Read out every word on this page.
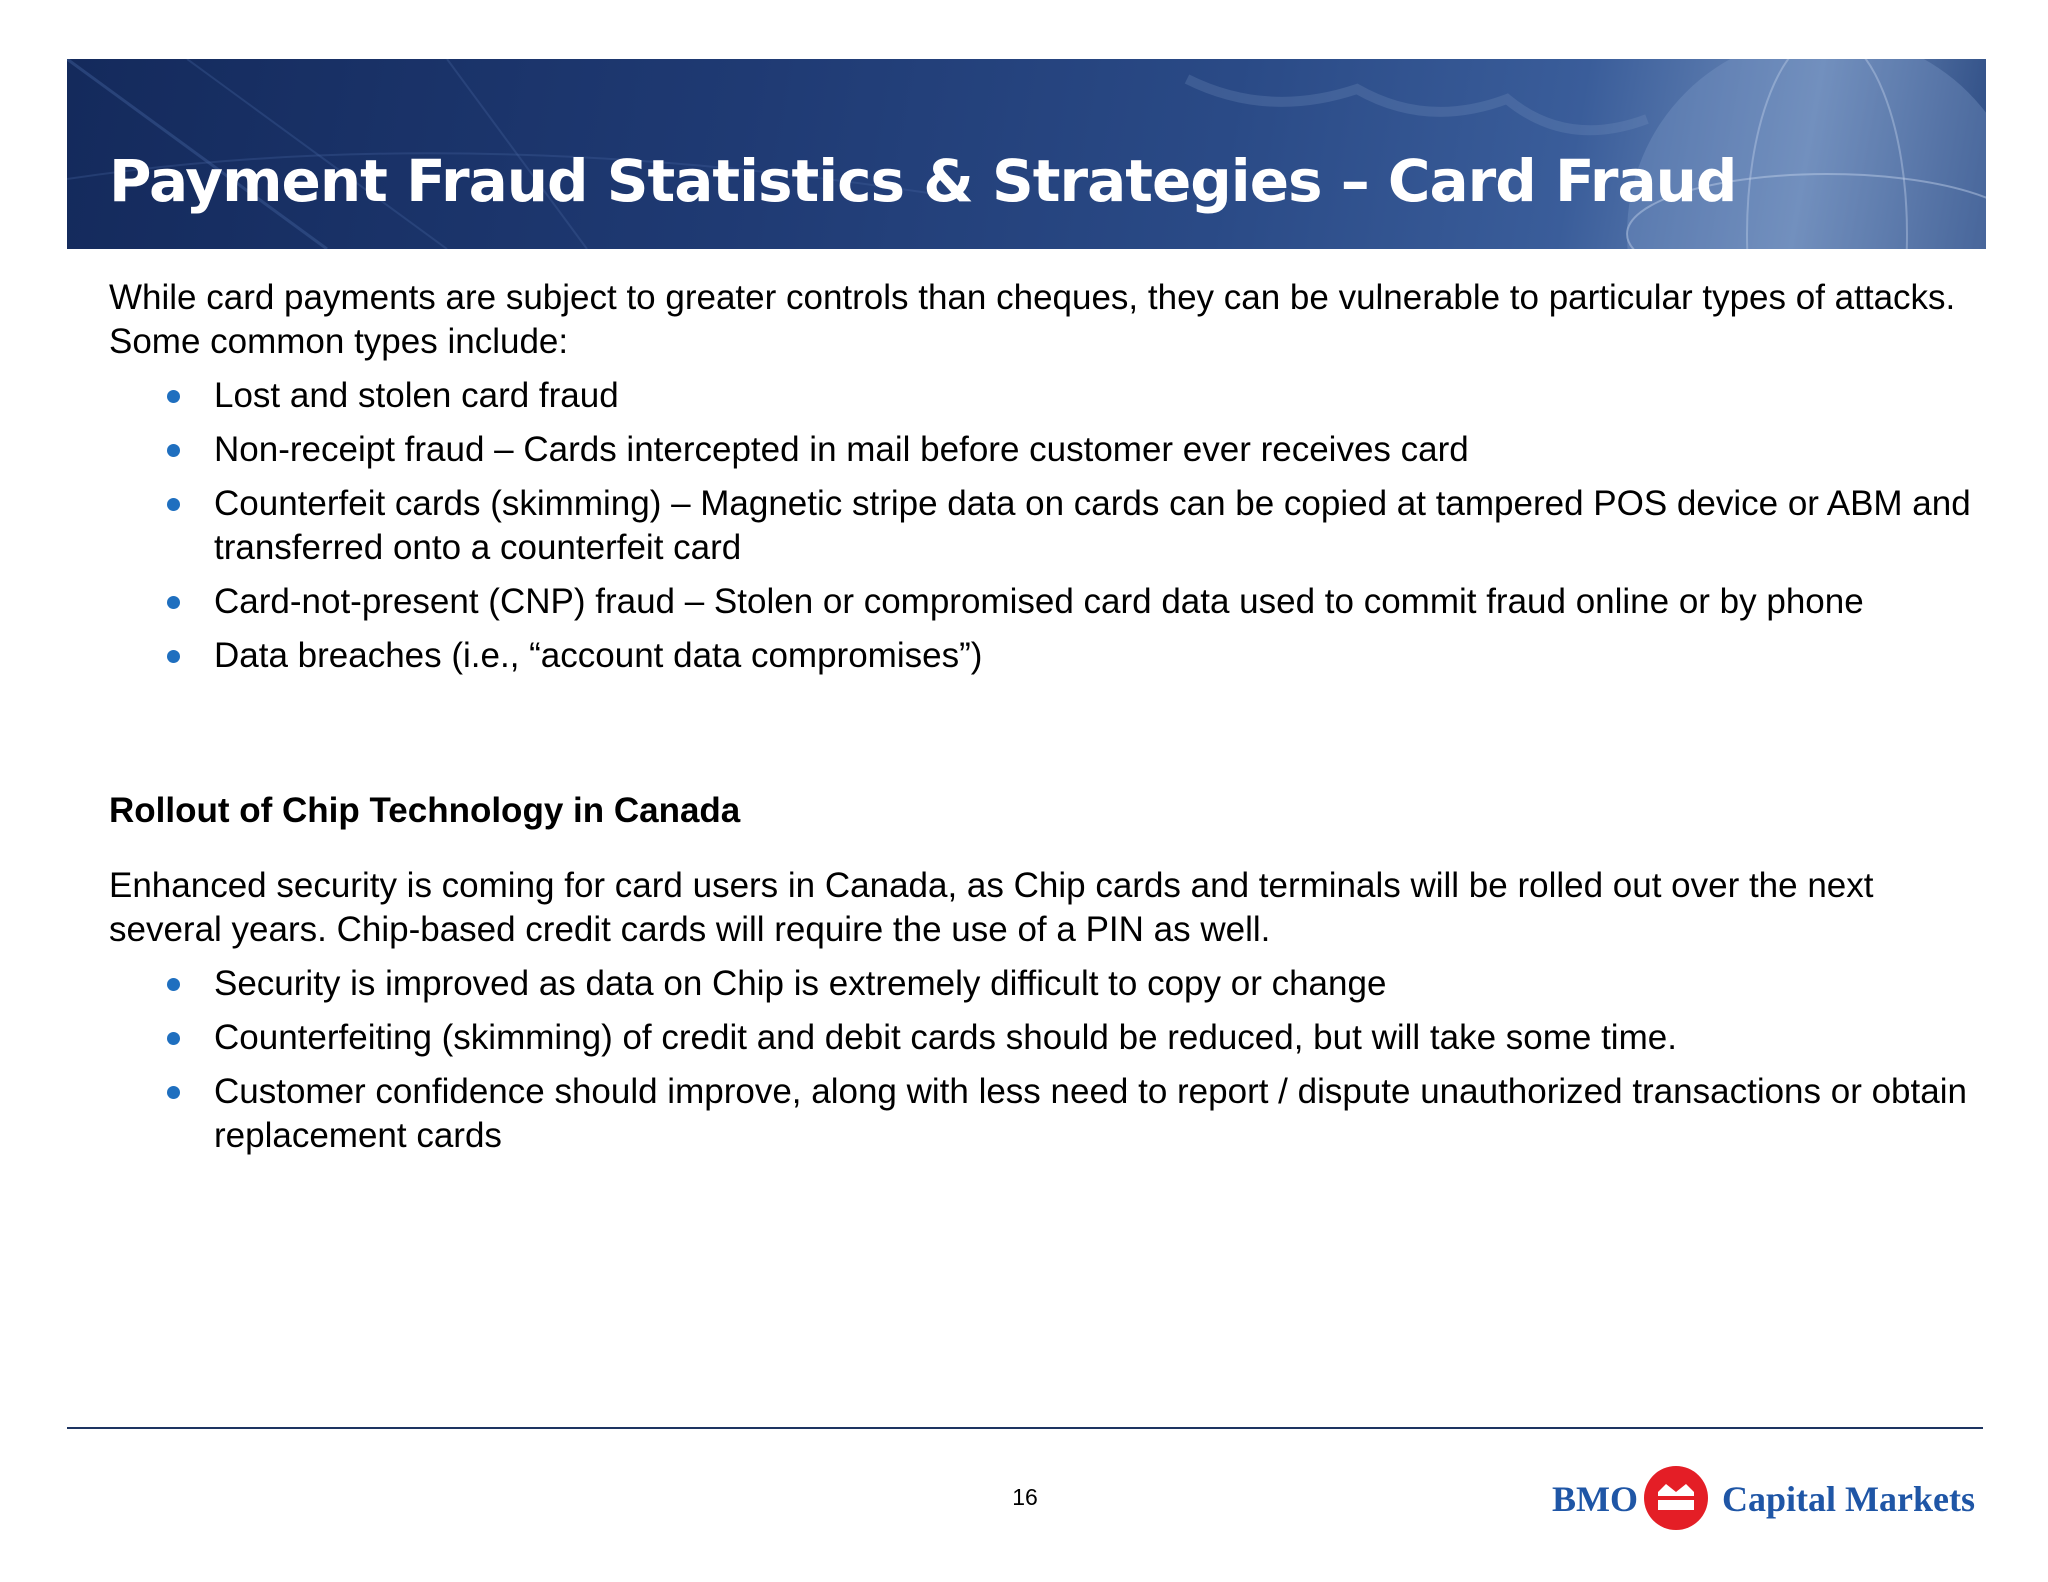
Payment Fraud Statistics & Strategies – Card Fraud

While card payments are subject to greater controls than cheques, they can be vulnerable to particular types of attacks. Some common types include:

Lost and stolen card fraud
Non-receipt fraud – Cards intercepted in mail before customer ever receives card
Counterfeit cards (skimming) – Magnetic stripe data on cards can be copied at tampered POS device or ABM and transferred onto a counterfeit card
Card-not-present (CNP) fraud – Stolen or compromised card data used to commit fraud online or by phone
Data breaches (i.e., “account data compromises”)
Rollout of Chip Technology in Canada

Enhanced security is coming for card users in Canada, as Chip cards and terminals will be rolled out over the next several years. Chip-based credit cards will require the use of a PIN as well.

Security is improved as data on Chip is extremely difficult to copy or change
Counterfeiting (skimming) of credit and debit cards should be reduced, but will take some time.
Customer confidence should improve, along with less need to report / dispute unauthorized transactions or obtain replacement cards
16	BMO Capital Markets
